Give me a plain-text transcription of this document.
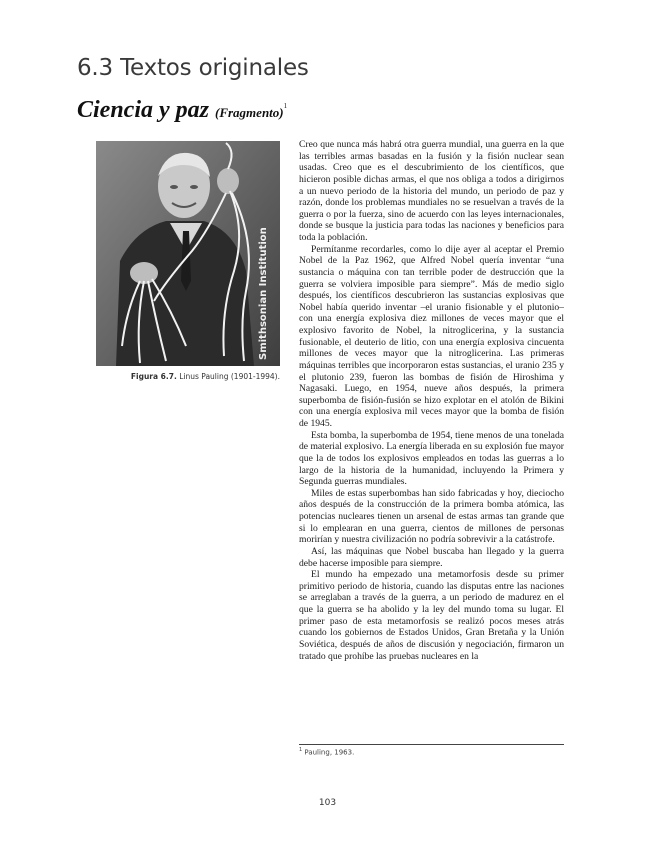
6.3 Textos originales
Ciencia y paz (Fragmento)$^1$
Smithsonian Institution

Figura 6.7. Linus Pauling (1901-1994).

Creo que nunca más habrá otra guerra mundial, una guerra en la que las terribles armas basadas en la fusión y la fisión nuclear sean usadas. Creo que es el descubrimiento de los científicos, que hicieron posible dichas armas, el que nos obliga a todos a dirigirnos a un nuevo periodo de la historia del mundo, un periodo de paz y razón, donde los problemas mundiales no se resuelvan a través de la guerra o por la fuerza, sino de acuerdo con las leyes internacionales, donde se busque la justicia para todas las naciones y beneficios para toda la población.

Permítanme recordarles, como lo dije ayer al aceptar el Premio Nobel de la Paz 1962, que Alfred Nobel quería inventar “una sustancia o máquina con tan terrible poder de destrucción que la guerra se volviera imposible para siempre”. Más de medio siglo después, los científicos descubrieron las sustancias explosivas que Nobel había querido inventar –el uranio fisionable y el plutonio– con una energía explosiva diez millones de veces mayor que el explosivo favorito de Nobel, la nitroglicerina, y la sustancia fusionable, el deuterio de litio, con una energía explosiva cincuenta millones de veces mayor que la nitroglicerina. Las primeras máquinas terribles que incorporaron estas sustancias, el uranio 235 y el plutonio 239, fueron las bombas de fisión de Hiroshima y Nagasaki. Luego, en 1954, nueve años después, la primera superbomba de fisión-fusión se hizo explotar en el atolón de Bikini con una energía explosiva mil veces mayor que la bomba de fisión de 1945.

Esta bomba, la superbomba de 1954, tiene menos de una tonelada de material explosivo. La energía liberada en su explosión fue mayor que la de todos los explosivos empleados en todas las guerras a lo largo de la historia de la humanidad, incluyendo la Primera y Segunda guerras mundiales.

Miles de estas superbombas han sido fabricadas y hoy, dieciocho años después de la construcción de la primera bomba atómica, las potencias nucleares tienen un arsenal de estas armas tan grande que si lo emplearan en una guerra, cientos de millones de personas morirían y nuestra civilización no podría sobrevivir a la catástrofe.

Así, las máquinas que Nobel buscaba han llegado y la guerra debe hacerse imposible para siempre.

El mundo ha empezado una metamorfosis desde su primer primitivo periodo de historia, cuando las disputas entre las naciones se arreglaban a través de la guerra, a un periodo de madurez en el que la guerra se ha abolido y la ley del mundo toma su lugar. El primer paso de esta metamorfosis se realizó pocos meses atrás cuando los gobiernos de Estados Unidos, Gran Bretaña y la Unión Soviética, después de años de discusión y negociación, firmaron un tratado que prohíbe las pruebas nucleares en la

$^1$ Pauling, 1963.

103
